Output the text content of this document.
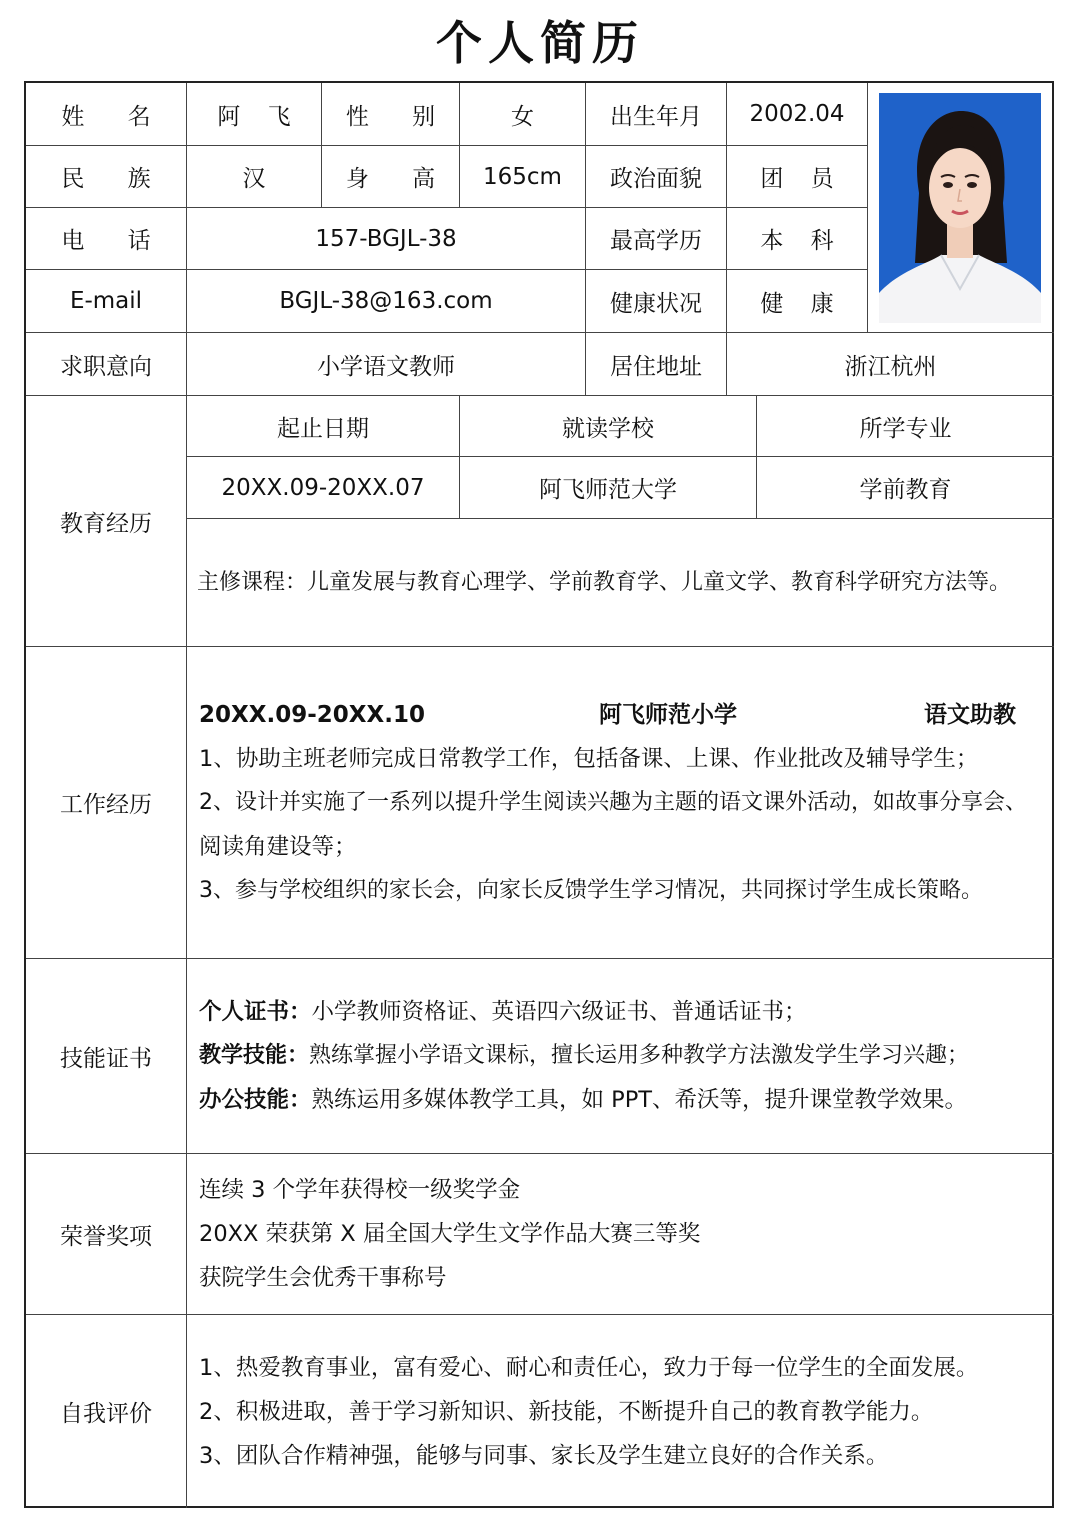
个人简历
姓 名	阿 飞	性 别	女	出生年月	2002.04
民 族	汉	身 高	165cm	政治面貌	团 员
电 话	157-BGJL-38	最高学历	本 科
E-mail	BGJL-38@163.com	健康状况	健 康
求职意向	小学语文教师	居住地址	浙江杭州
教育经历
起止日期	就读学校	所学专业
20XX.09-20XX.07	阿飞师范大学	学前教育
主修课程：儿童发展与教育心理学、学前教育学、儿童文学、教育科学研究方法等。
工作经历
20XX.09-20XX.10	阿飞师范小学	语文助教
1、协助主班老师完成日常教学工作，包括备课、上课、作业批改及辅导学生；
2、设计并实施了一系列以提升学生阅读兴趣为主题的语文课外活动，如故事分享会、
阅读角建设等；
3、参与学校组织的家长会，向家长反馈学生学习情况，共同探讨学生成长策略。
技能证书
个人证书：小学教师资格证、英语四六级证书、普通话证书；
教学技能：熟练掌握小学语文课标，擅长运用多种教学方法激发学生学习兴趣；
办公技能：熟练运用多媒体教学工具，如 PPT、希沃等，提升课堂教学效果。
荣誉奖项
连续 3 个学年获得校一级奖学金
20XX 荣获第 X 届全国大学生文学作品大赛三等奖
获院学生会优秀干事称号
自我评价
1、热爱教育事业，富有爱心、耐心和责任心，致力于每一位学生的全面发展。
2、积极进取，善于学习新知识、新技能，不断提升自己的教育教学能力。
3、团队合作精神强，能够与同事、家长及学生建立良好的合作关系。
